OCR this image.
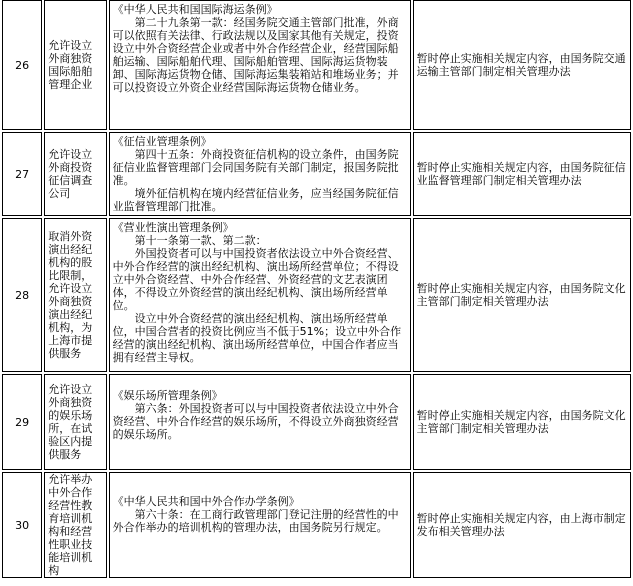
26	允许设立外商独资国际船舶管理企业	《中华人民共和国国际海运条例》
第二十九条第一款：经国务院交通主管部门批准，外商可以依照有关法律、行政法规以及国家其他有关规定，投资设立中外合资经营企业或者中外合作经营企业，经营国际船舶运输、国际船舶代理、国际船舶管理、国际海运货物装卸、国际海运货物仓储、国际海运集装箱站和堆场业务；并可以投资设立外资企业经营国际海运货物仓储业务。	暂时停止实施相关规定内容，由国务院交通运输主管部门制定相关管理办法
27	允许设立外商投资征信调查公司	《征信业管理条例》
第四十五条：外商投资征信机构的设立条件，由国务院征信业监督管理部门会同国务院有关部门制定，报国务院批准。
境外征信机构在境内经营征信业务，应当经国务院征信业监督管理部门批准。	暂时停止实施相关规定内容，由国务院征信业监督管理部门制定相关管理办法
28	取消外资演出经纪机构的股比限制，允许设立外商独资演出经纪机构，为上海市提供服务	《营业性演出管理条例》
第十一条第一款、第二款：
外国投资者可以与中国投资者依法设立中外合资经营、中外合作经营的演出经纪机构、演出场所经营单位；不得设立中外合资经营、中外合作经营、外资经营的文艺表演团体，不得设立外资经营的演出经纪机构、演出场所经营单位。
设立中外合资经营的演出经纪机构、演出场所经营单位，中国合营者的投资比例应当不低于51%；设立中外合作经营的演出经纪机构、演出场所经营单位，中国合作者应当拥有经营主导权。	暂时停止实施相关规定内容，由国务院文化主管部门制定相关管理办法
29	允许设立外商独资的娱乐场所，在试验区内提供服务	《娱乐场所管理条例》
第六条：外国投资者可以与中国投资者依法设立中外合资经营、中外合作经营的娱乐场所，不得设立外商独资经营的娱乐场所。	暂时停止实施相关规定内容，由国务院文化主管部门制定相关管理办法
30	允许举办中外合作经营性教育培训机构和经营性职业技能培训机构	《中华人民共和国中外合作办学条例》
第六十条：在工商行政管理部门登记注册的经营性的中外合作举办的培训机构的管理办法，由国务院另行规定。	暂时停止实施相关规定内容，由上海市制定发布相关管理办法
